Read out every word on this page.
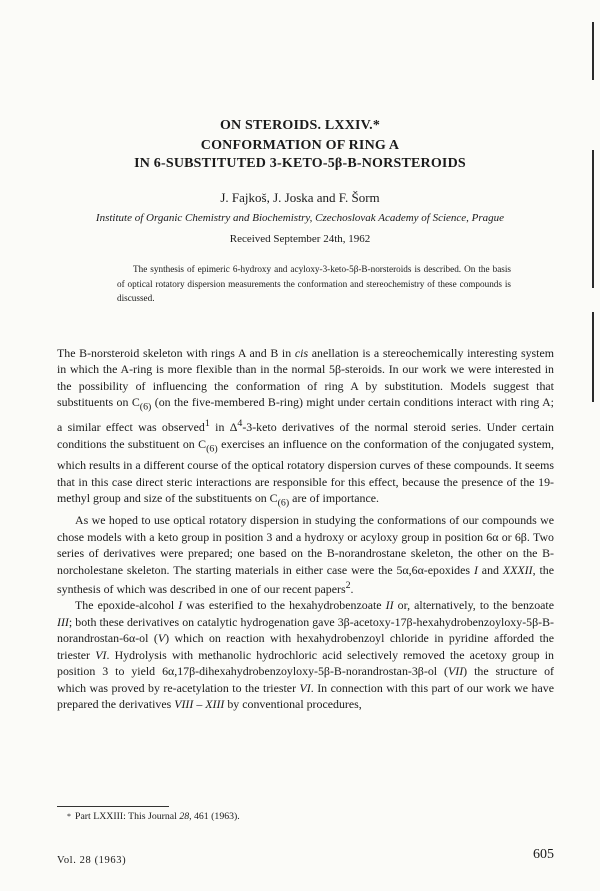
ON STEROIDS. LXXIV.*
CONFORMATION OF RING A
IN 6-SUBSTITUTED 3-KETO-5β-B-NORSTEROIDS
J. Fajkoš, J. Joska and F. Šorm
Institute of Organic Chemistry and Biochemistry, Czechoslovak Academy of Science, Prague
Received September 24th, 1962

The synthesis of epimeric 6-hydroxy and acyloxy-3-keto-5β-B-norsteroids is described. On the basis of optical rotatory dispersion measurements the conformation and stereochemistry of these compounds is discussed.

The B-norsteroid skeleton with rings A and B in cis anellation is a stereochemically interesting system in which the A-ring is more flexible than in the normal 5β-steroids. In our work we were interested in the possibility of influencing the conformation of ring A by substitution. Models suggest that substituents on $C_{(6)}$ (on the five-membered B-ring) might under certain conditions interact with ring A; a similar effect was observed$^1$ in $\Delta^4-3$-keto derivatives of the normal steroid series. Under certain conditions the substituent on $C_{(6)}$ exercises an influence on the conformation of the conjugated system, which results in a different course of the optical rotatory dispersion curves of these compounds. It seems that in this case direct steric interactions are responsible for this effect, because the presence of the 19-methyl group and size of the substituents on $C_{(6)}$ are of importance.

As we hoped to use optical rotatory dispersion in studying the conformations of our compounds we chose models with a keto group in position 3 and a hydroxy or acyloxy group in position 6α or 6β. Two series of derivatives were prepared; one based on the B-norandrostane skeleton, the other on the B-norcholestane skeleton. The starting materials in either case were the 5α,6α-epoxides I and XXXII, the synthesis of which was described in one of our recent papers$^2$.

The epoxide-alcohol I was esterified to the hexahydrobenzoate II or, alternatively, to the benzoate III; both these derivatives on catalytic hydrogenation gave 3β-acetoxy-17β-hexahydrobenzoyloxy-5β-B-norandrostan-6α-ol (V) which on reaction with hexahydrobenzoyl chloride in pyridine afforded the triester VI. Hydrolysis with methanolic hydrochloric acid selectively removed the acetoxy group in position 3 to yield 6α,17β-dihexahydrobenzoyloxy-5β-B-norandrostan-3β-ol (VII) the structure of which was proved by re-acetylation to the triester VI. In connection with this part of our work we have prepared the derivatives VIII – XIII by conventional procedures,

* Part LXXIII: This Journal 28, 461 (1963).
Vol. 28 (1963)	605
